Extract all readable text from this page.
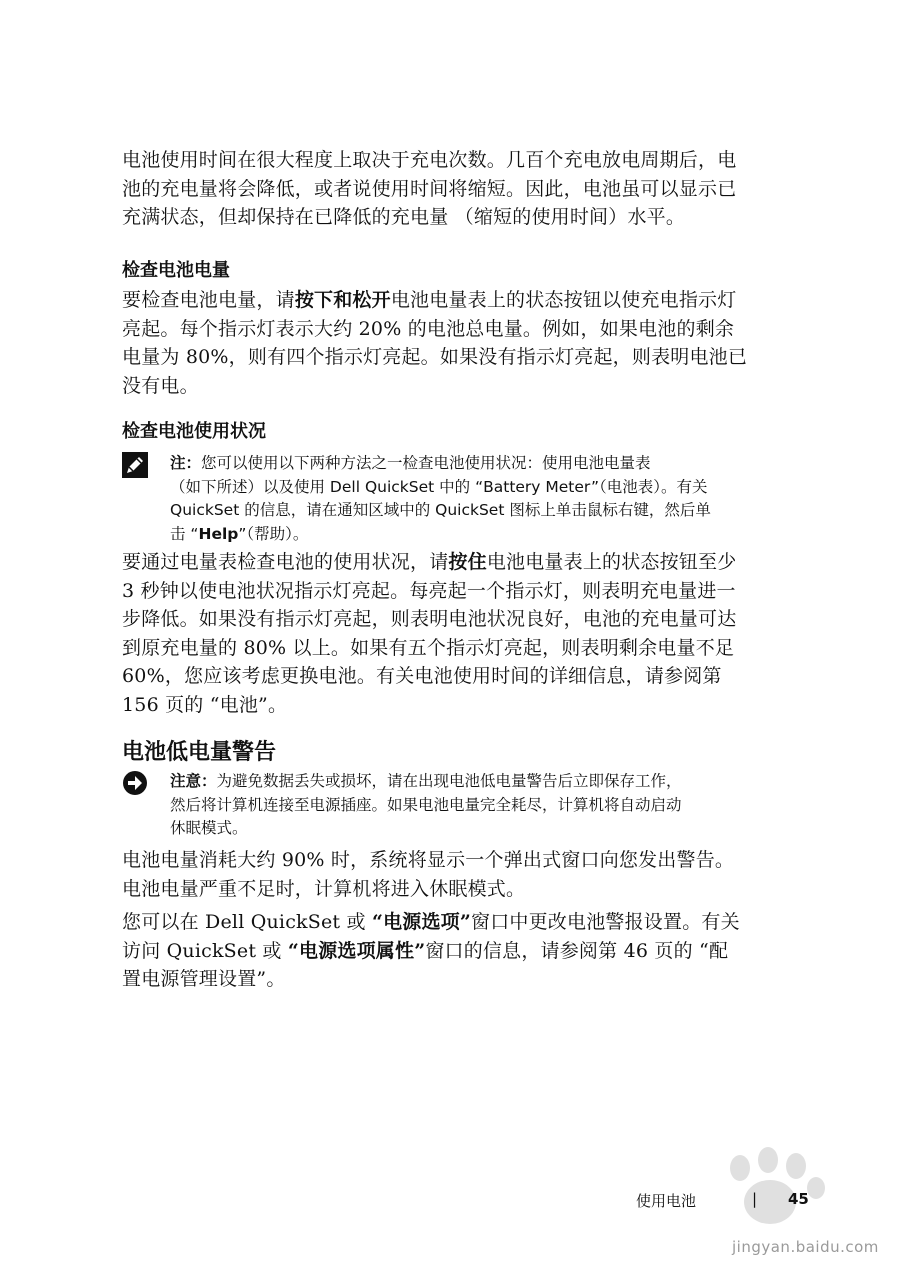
电池使用时间在很大程度上取决于充电次数。几百个充电放电周期后，电
池的充电量将会降低，或者说使用时间将缩短。因此，电池虽可以显示已
充满状态，但却保持在已降低的充电量 （缩短的使用时间）水平。

检查电池电量

要检查电池电量，请按下和松开电池电量表上的状态按钮以使充电指示灯
亮起。每个指示灯表示大约 20% 的电池总电量。例如，如果电池的剩余
电量为 80%，则有四个指示灯亮起。如果没有指示灯亮起，则表明电池已
没有电。

检查电池使用状况

注：您可以使用以下两种方法之一检查电池使用状况：使用电池电量表
（如下所述）以及使用 Dell QuickSet 中的 “Battery Meter”（电池表）。有关
QuickSet 的信息，请在通知区域中的 QuickSet 图标上单击鼠标右键，然后单
击 “Help”（帮助）。

要通过电量表检查电池的使用状况，请按住电池电量表上的状态按钮至少
3 秒钟以使电池状况指示灯亮起。每亮起一个指示灯，则表明充电量进一
步降低。如果没有指示灯亮起，则表明电池状况良好，电池的充电量可达
到原充电量的 80% 以上。如果有五个指示灯亮起，则表明剩余电量不足
60%，您应该考虑更换电池。有关电池使用时间的详细信息，请参阅第
156 页的 “电池”。

电池低电量警告

注意：为避免数据丢失或损坏，请在出现电池低电量警告后立即保存工作，
然后将计算机连接至电源插座。如果电池电量完全耗尽，计算机将自动启动
休眠模式。

电池电量消耗大约 90% 时，系统将显示一个弹出式窗口向您发出警告。
电池电量严重不足时，计算机将进入休眠模式。

您可以在 Dell QuickSet 或 “电源选项”窗口中更改电池警报设置。有关
访问 QuickSet 或 “电源选项属性”窗口的信息，请参阅第 46 页的 “配
置电源管理设置”。

jingyan.baidu.com
使用电池	| 45
